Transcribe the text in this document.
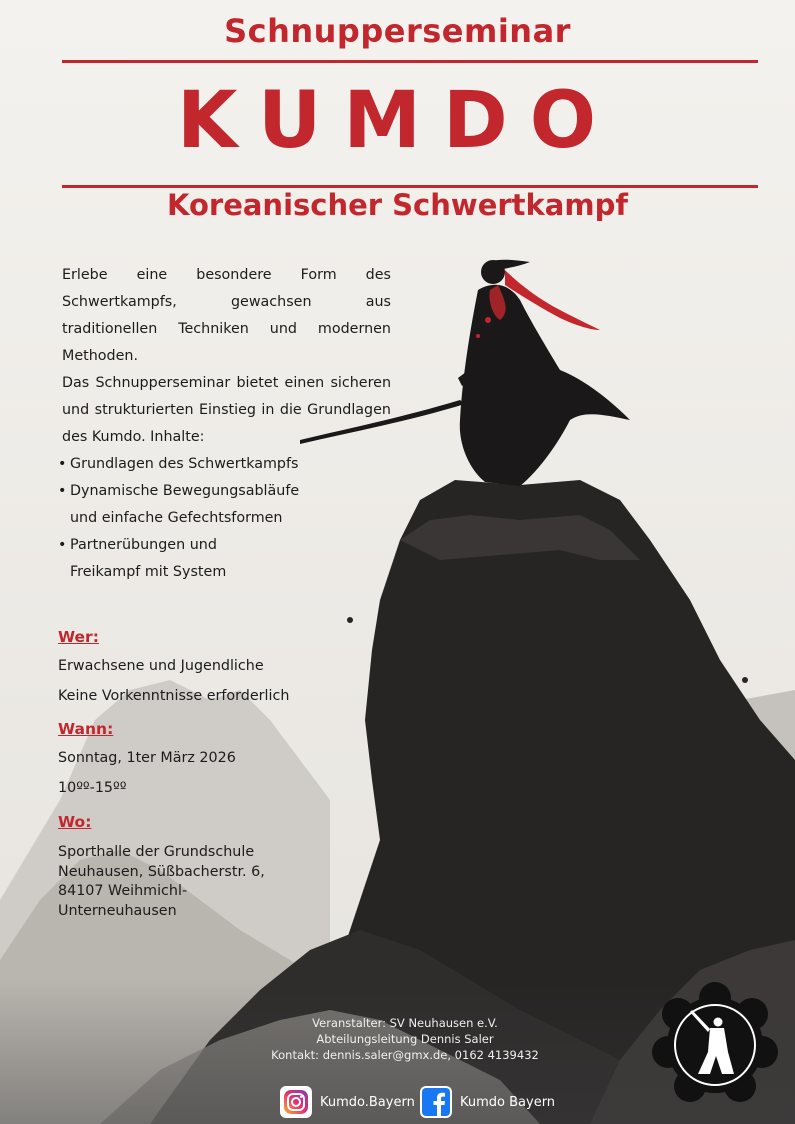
Schnupperseminar
KUMDO
Koreanischer Schwertkampf

Erlebe eine besondere Form des Schwertkampfs, gewachsen aus traditionellen Techniken und modernen Methoden.

Das Schnupperseminar bietet einen sicheren und strukturierten Einstieg in die Grundlagen des Kumdo. Inhalte:

• Grundlagen des Schwertkampfs
• Dynamische Bewegungsabläufe
und einfache Gefechtsformen
• Partnerübungen und
Freikampf mit System
Wer:
Erwachsene und Jugendliche
Keine Vorkenntnisse erforderlich
Wann:
Sonntag, 1ter März 2026
10ºº-15ºº
Wo:
Sporthalle der Grundschule
Neuhausen, Süßbacherstr. 6,
84107 Weihmichl-
Unterneuhausen
Veranstalter: SV Neuhausen e.V.
Abteilungsleitung Dennis Saler
Kontakt: dennis.saler@gmx.de, 0162 4139432
Kumdo.Bayern	Kumdo Bayern
